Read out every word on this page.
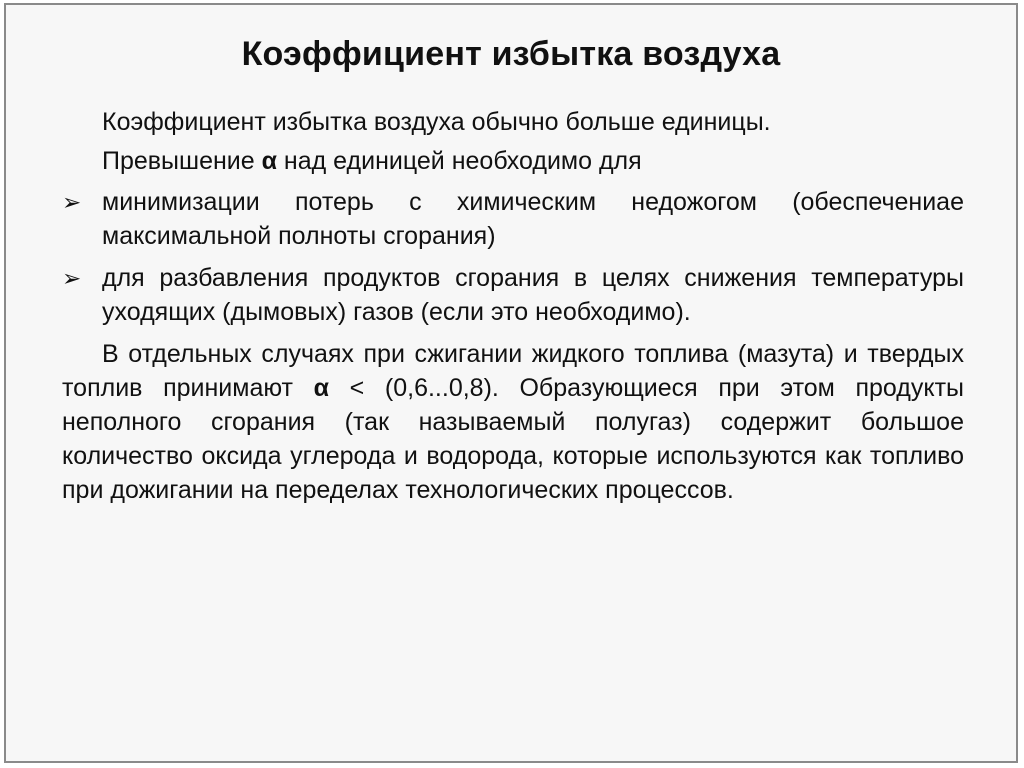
Коэффициент избытка воздуха
Коэффициент избытка воздуха обычно больше единицы.
Превышение α над единицей необходимо для
➢ минимизации потерь с химическим недожогом (обеспечениае максимальной полноты сгорания)
➢ для разбавления продуктов сгорания в целях снижения температуры уходящих (дымовых) газов (если это необходимо).
В отдельных случаях при сжигании жидкого топлива (мазута) и твердых топлив принимают α < (0,6...0,8). Образующиеся при этом продукты неполного сгорания (так называемый полугаз) содержит большое количество оксида углерода и водорода, которые используются как топливо при дожигании на переделах технологических процессов.
